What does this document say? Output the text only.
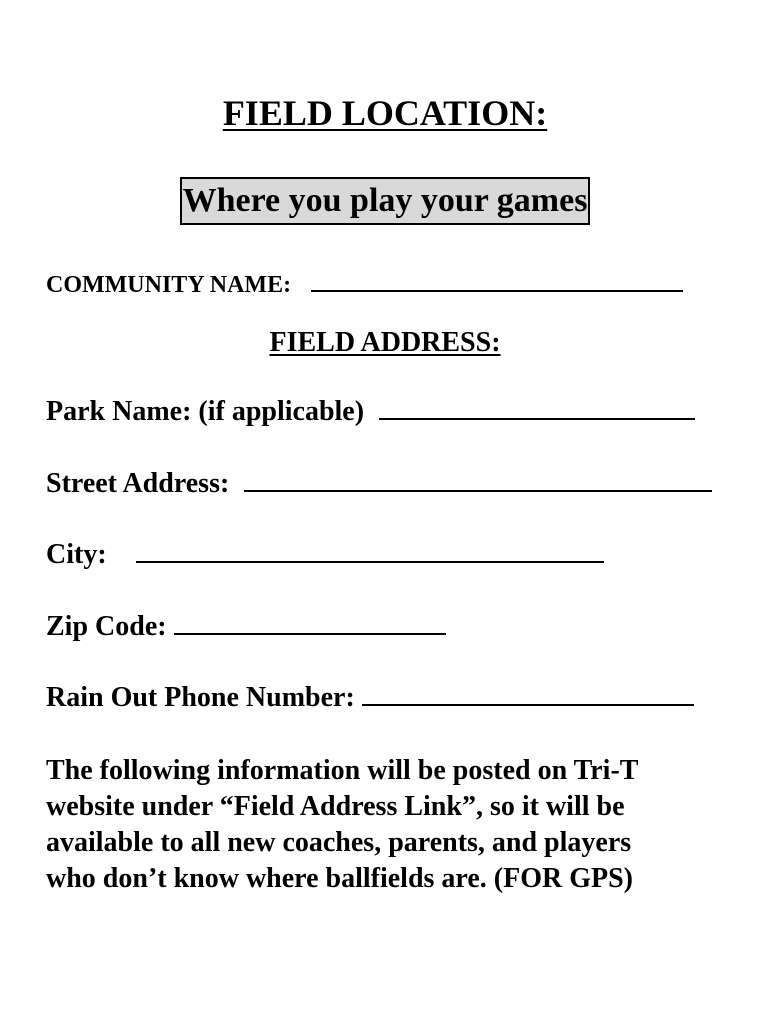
FIELD LOCATION:
Where you play your games
COMMUNITY NAME:
FIELD ADDRESS:
Park Name: (if applicable)
Street Address:
City:
Zip Code:
Rain Out Phone Number:
The following information will be posted on Tri-T
website under “Field Address Link”, so it will be
available to all new coaches, parents, and players
who don’t know where ballfields are. (FOR GPS)
